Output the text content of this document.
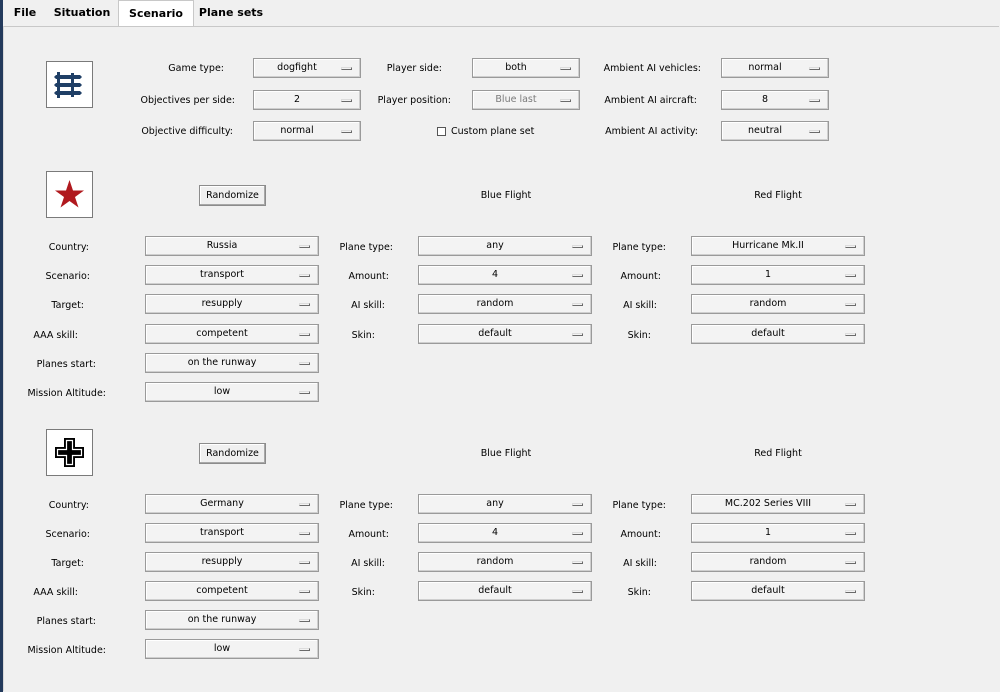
File	Situation	Scenario	Plane sets
Game type:	dogfight
Objectives per side:	2
Objective difficulty:	normal
Player side:	both
Player position:	Blue last
Custom plane set
Ambient AI vehicles:	normal
Ambient AI aircraft:	8
Ambient AI activity:	neutral
Randomize	Blue Flight	Red Flight
Country:	Russia
Scenario:	transport
Target:	resupply
AAA skill:	competent
Planes start:	on the runway
Mission Altitude:	low
Plane type:	any
Amount:	4
AI skill:	random
Skin:	default
Plane type:	Hurricane Mk.II
Amount:	1
AI skill:	random
Skin:	default
Randomize	Blue Flight	Red Flight
Country:	Germany
Scenario:	transport
Target:	resupply
AAA skill:	competent
Planes start:	on the runway
Mission Altitude:	low
Plane type:	any
Amount:	4
AI skill:	random
Skin:	default
Plane type:	MC.202 Series VIII
Amount:	1
AI skill:	random
Skin:	default
